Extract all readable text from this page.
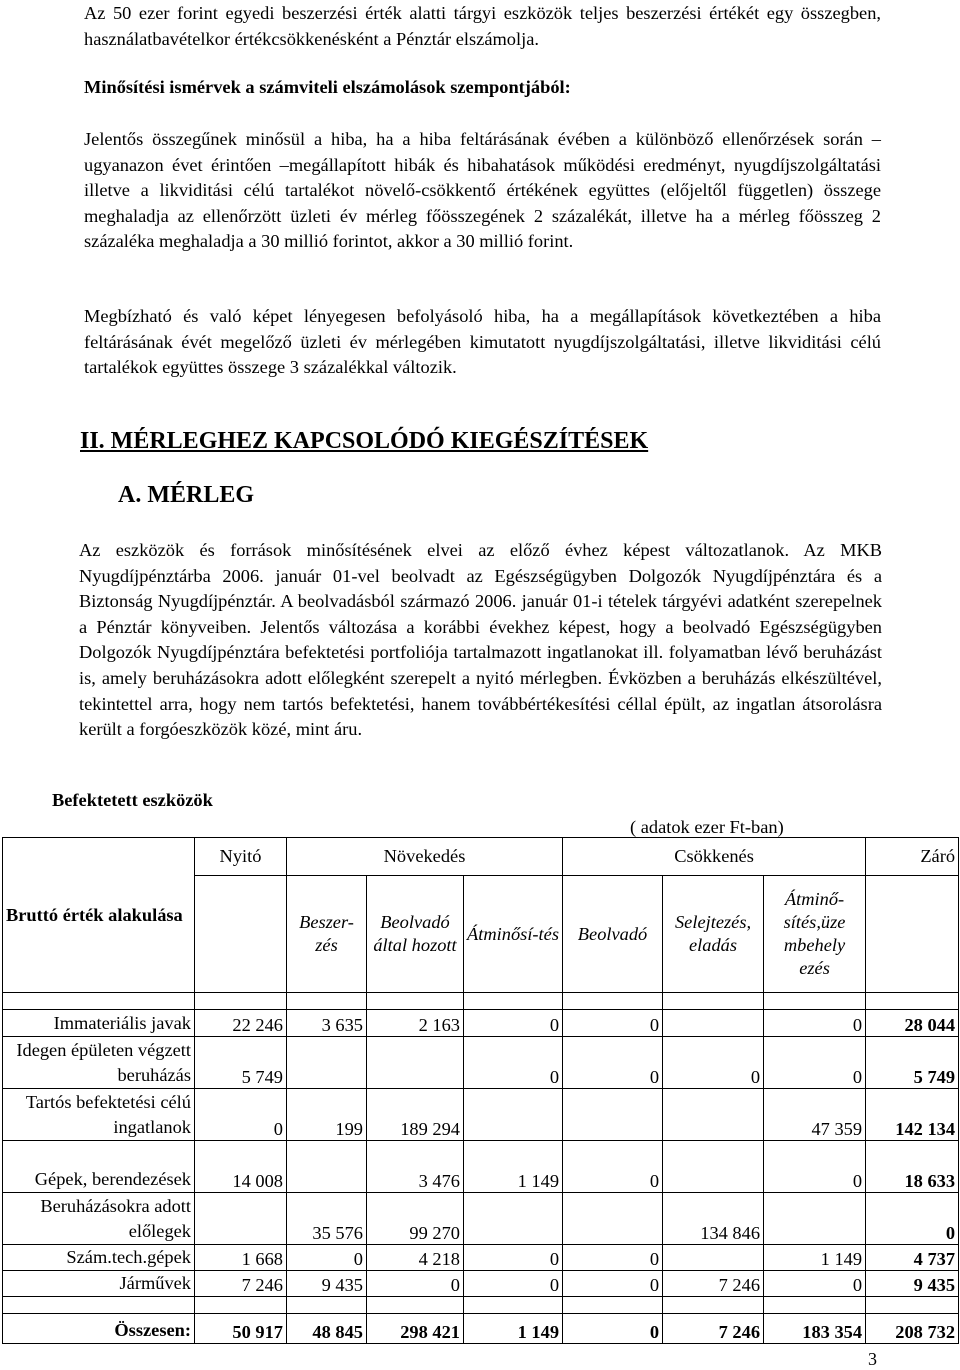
Az 50 ezer forint egyedi beszerzési érték alatti tárgyi eszközök teljes beszerzési értékét egy összegben, használatbavételkor értékcsökkenésként a Pénztár elszámolja.

Minősítési ismérvek a számviteli elszámolások szempontjából:

Jelentős összegűnek minősül a hiba, ha a hiba feltárásának évében a különböző ellenőrzések során – ugyanazon évet érintően –megállapított hibák és hibahatások működési eredményt, nyugdíjszolgáltatási illetve a likviditási célú tartalékot növelő-csökkentő értékének együttes (előjeltől független) összege meghaladja az ellenőrzött üzleti év mérleg főösszegének 2 százalékát, illetve ha a mérleg főösszeg 2 százaléka meghaladja a 30 millió forintot, akkor a 30 millió forint.

Megbízható és való képet lényegesen befolyásoló hiba, ha a megállapítások következtében a hiba feltárásának évét megelőző üzleti év mérlegében kimutatott nyugdíjszolgáltatási, illetve likviditási célú tartalékok együttes összege 3 százalékkal változik.

II. MÉRLEGHEZ KAPCSOLÓDÓ KIEGÉSZÍTÉSEK

A. MÉRLEG

Az eszközök és források minősítésének elvei az előző évhez képest változatlanok. Az MKB Nyugdíjpénztárba 2006. január 01-vel beolvadt az Egészségügyben Dolgozók Nyugdíjpénztára és a Biztonság Nyugdíjpénztár. A beolvadásból származó 2006. január 01-i tételek tárgyévi adatként szerepelnek a Pénztár könyveiben. Jelentős változása a korábbi évekhez képest, hogy a beolvadó Egészségügyben Dolgozók Nyugdíjpénztára befektetési portfoliója tartalmazott ingatlanokat ill. folyamatban lévő beruházást is, amely beruházásokra adott előlegként szerepelt a nyitó mérlegben. Évközben a beruházás elkészültével, tekintettel arra, hogy nem tartós befektetési, hanem továbbértékesítési céllal épült, az ingatlan átsorolásra került a forgóeszközök közé, mint áru.

Befektetett eszközök

( adatok ezer Ft-ban)

Bruttó érték alakulása	Nyitó	Növekedés			Csökkenés			Záró
		Beszer-zés	Beolvadó által hozott	Átminősí-tés	Beolvadó	Selejtezés, eladás	Átminő-sítés,üze mbehely ezés	

Immateriális javak	22 246	3 635	2 163	0	0		0	28 044
Idegen épületen végzett beruházás	5 749			0	0	0	0	5 749
Tartós befektetési célú ingatlanok	0	199	189 294				47 359	142 134
Gépek, berendezések	14 008		3 476	1 149	0		0	18 633
Beruházásokra adott előlegek		35 576	99 270			134 846		0
Szám.tech.gépek	1 668	0	4 218	0	0		1 149	4 737
Járművek	7 246	9 435	0	0	0	7 246	0	9 435

Összesen:	50 917	48 845	298 421	1 149	0	7 246	183 354	208 732

3
